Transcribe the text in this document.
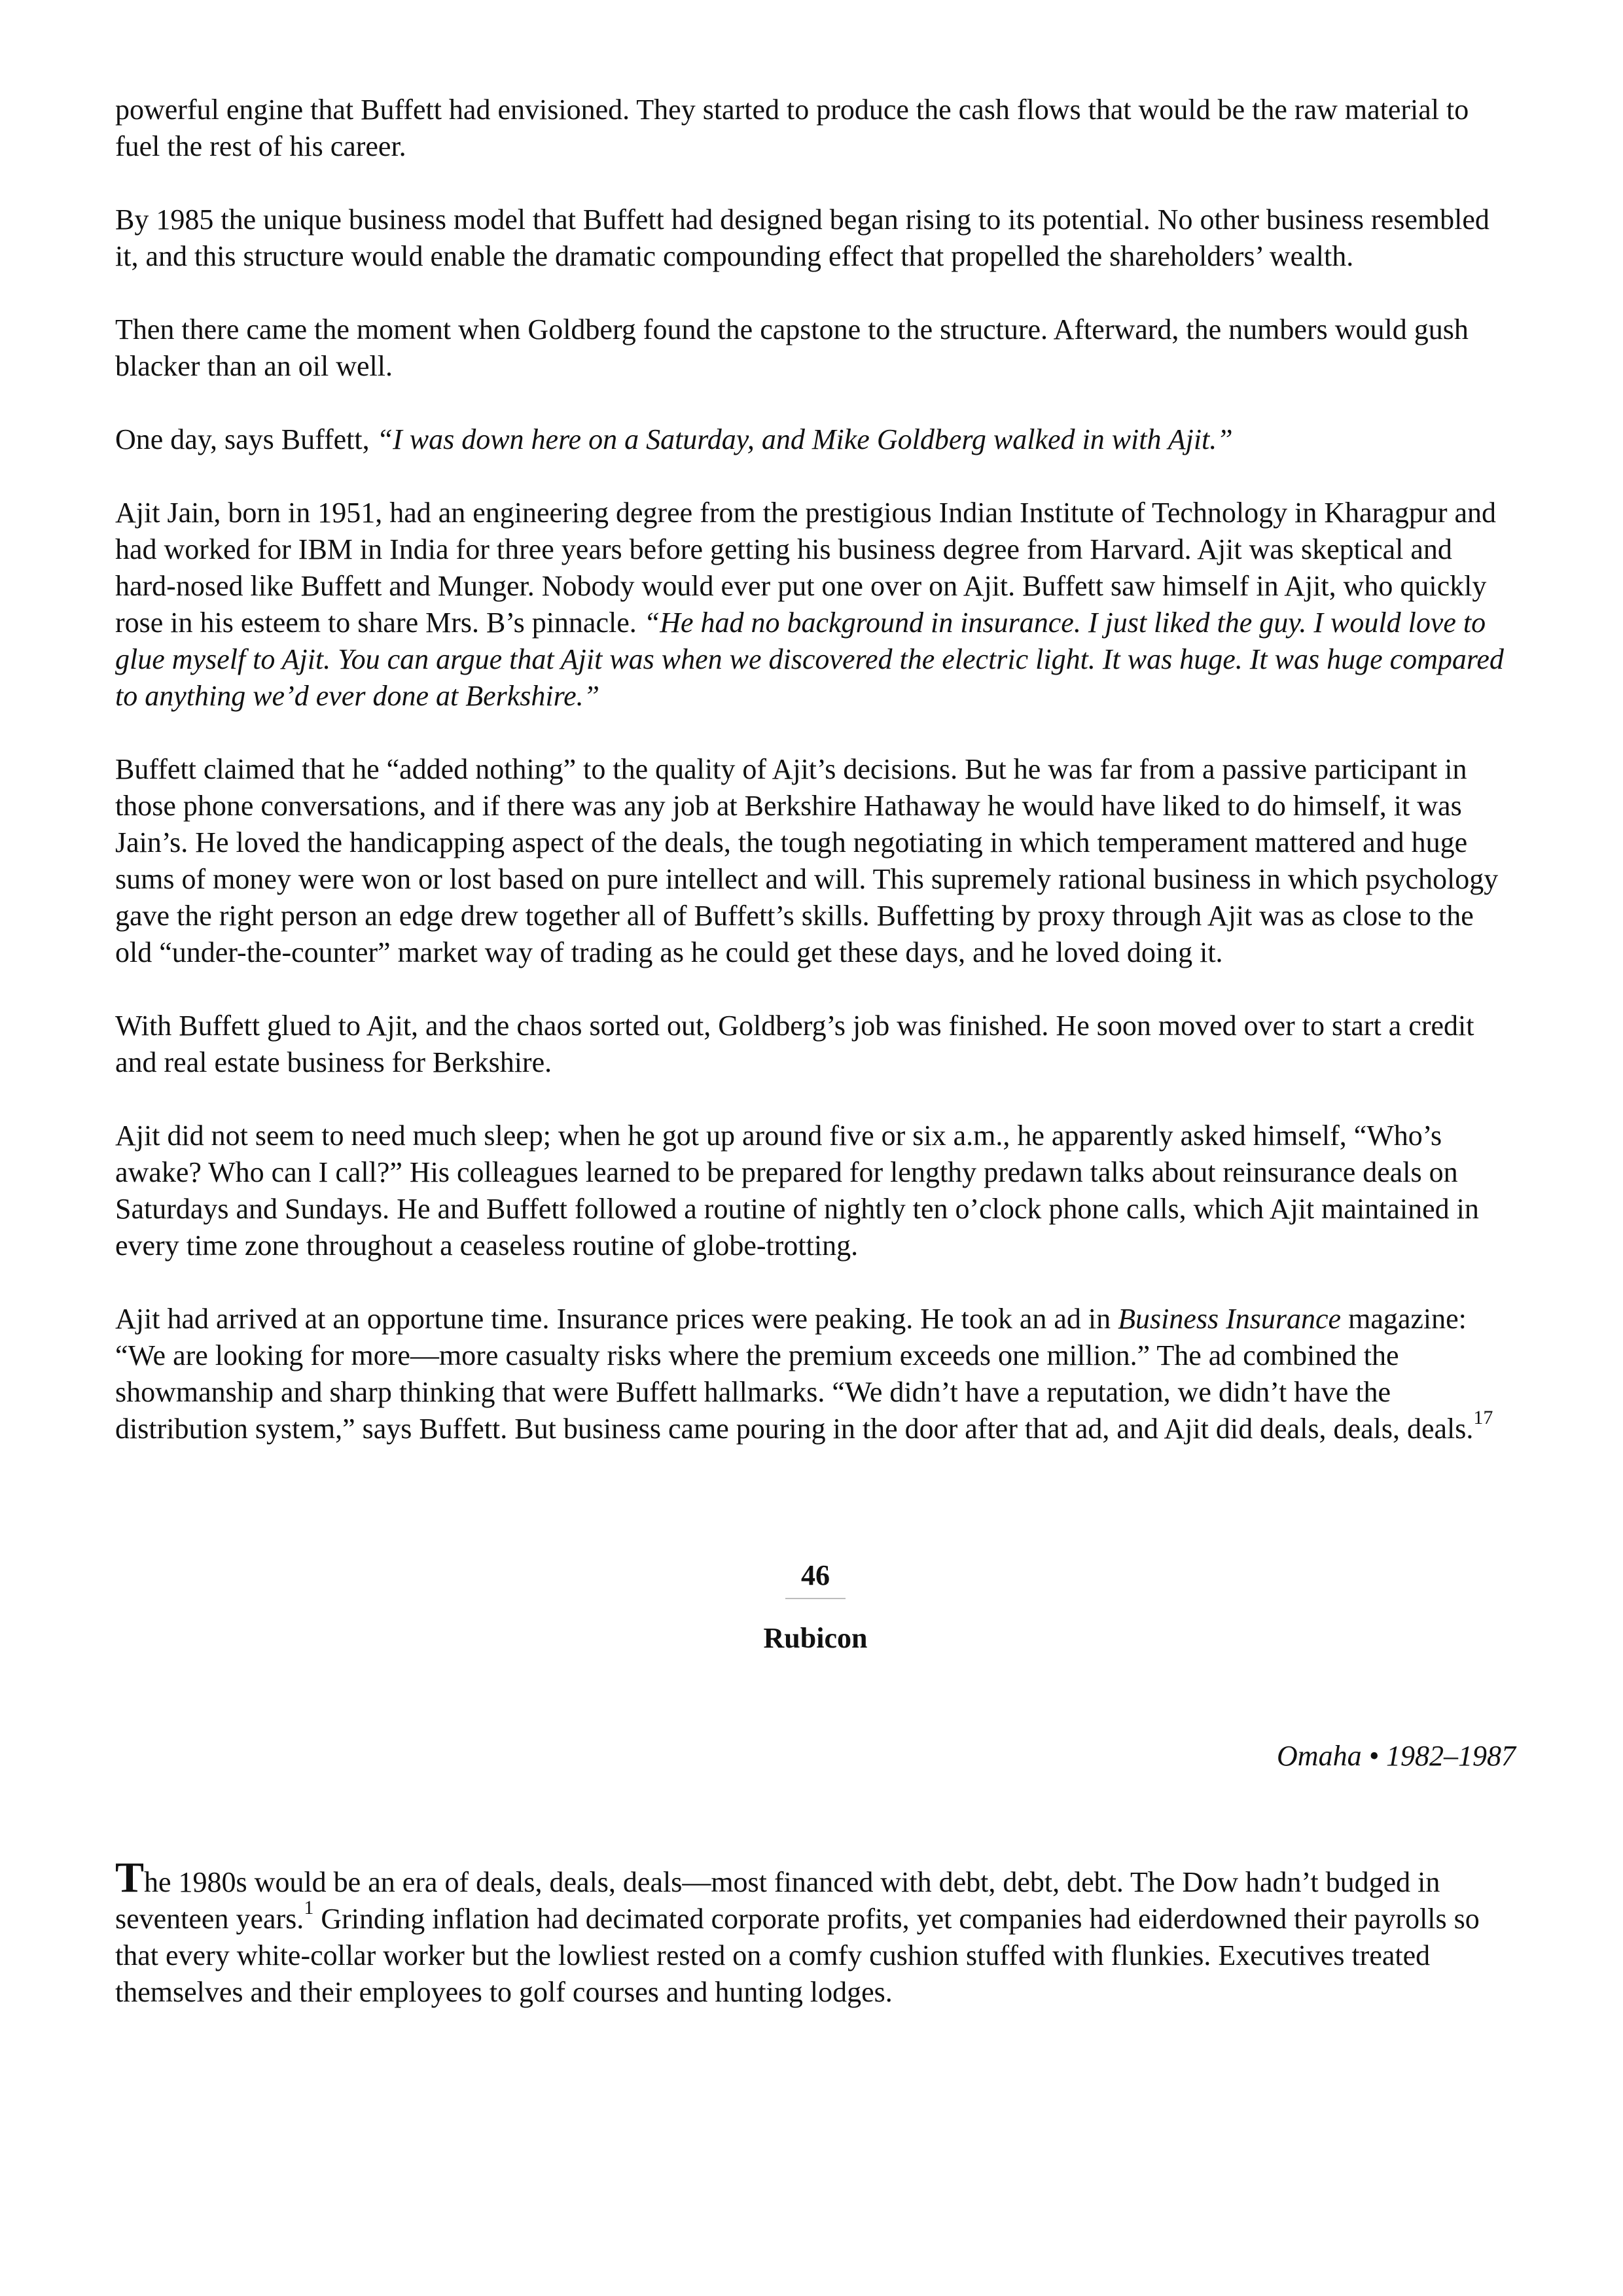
powerful engine that Buffett had envisioned. They started to produce the cash flows that would be the raw material to fuel the rest of his career.

By 1985 the unique business model that Buffett had designed began rising to its potential. No other business resembled it, and this structure would enable the dramatic compounding effect that propelled the shareholders’ wealth.

Then there came the moment when Goldberg found the capstone to the structure. Afterward, the numbers would gush blacker than an oil well.

One day, says Buffett, “I was down here on a Saturday, and Mike Goldberg walked in with Ajit.”

Ajit Jain, born in 1951, had an engineering degree from the prestigious Indian Institute of Technology in Kharagpur and had worked for IBM in India for three years before getting his business degree from Harvard. Ajit was skeptical and hard-nosed like Buffett and Munger. Nobody would ever put one over on Ajit. Buffett saw himself in Ajit, who quickly rose in his esteem to share Mrs. B’s pinnacle. “He had no background in insurance. I just liked the guy. I would love to glue myself to Ajit. You can argue that Ajit was when we discovered the electric light. It was huge. It was huge compared to anything we’d ever done at Berkshire.”

Buffett claimed that he “added nothing” to the quality of Ajit’s decisions. But he was far from a passive participant in those phone conversations, and if there was any job at Berkshire Hathaway he would have liked to do himself, it was Jain’s. He loved the handicapping aspect of the deals, the tough negotiating in which temperament mattered and huge sums of money were won or lost based on pure intellect and will. This supremely rational business in which psychology gave the right person an edge drew together all of Buffett’s skills. Buffetting by proxy through Ajit was as close to the old “under-the-counter” market way of trading as he could get these days, and he loved doing it.

With Buffett glued to Ajit, and the chaos sorted out, Goldberg’s job was finished. He soon moved over to start a credit and real estate business for Berkshire.

Ajit did not seem to need much sleep; when he got up around five or six a.m., he apparently asked himself, “Who’s awake? Who can I call?” His colleagues learned to be prepared for lengthy predawn talks about reinsurance deals on Saturdays and Sundays. He and Buffett followed a routine of nightly ten o’clock phone calls, which Ajit maintained in every time zone throughout a ceaseless routine of globe-trotting.

Ajit had arrived at an opportune time. Insurance prices were peaking. He took an ad in Business Insurance magazine: “We are looking for more—more casualty risks where the premium exceeds one million.” The ad combined the showmanship and sharp thinking that were Buffett hallmarks. “We didn’t have a reputation, we didn’t have the distribution system,” says Buffett. But business came pouring in the door after that ad, and Ajit did deals, deals, deals.$^{17}$

46
Rubicon
Omaha • 1982–1987

The 1980s would be an era of deals, deals, deals—most financed with debt, debt, debt. The Dow hadn’t budged in seventeen years.$^1$ Grinding inflation had decimated corporate profits, yet companies had eiderdowned their payrolls so that every white-collar worker but the lowliest rested on a comfy cushion stuffed with flunkies. Executives treated themselves and their employees to golf courses and hunting lodges.
